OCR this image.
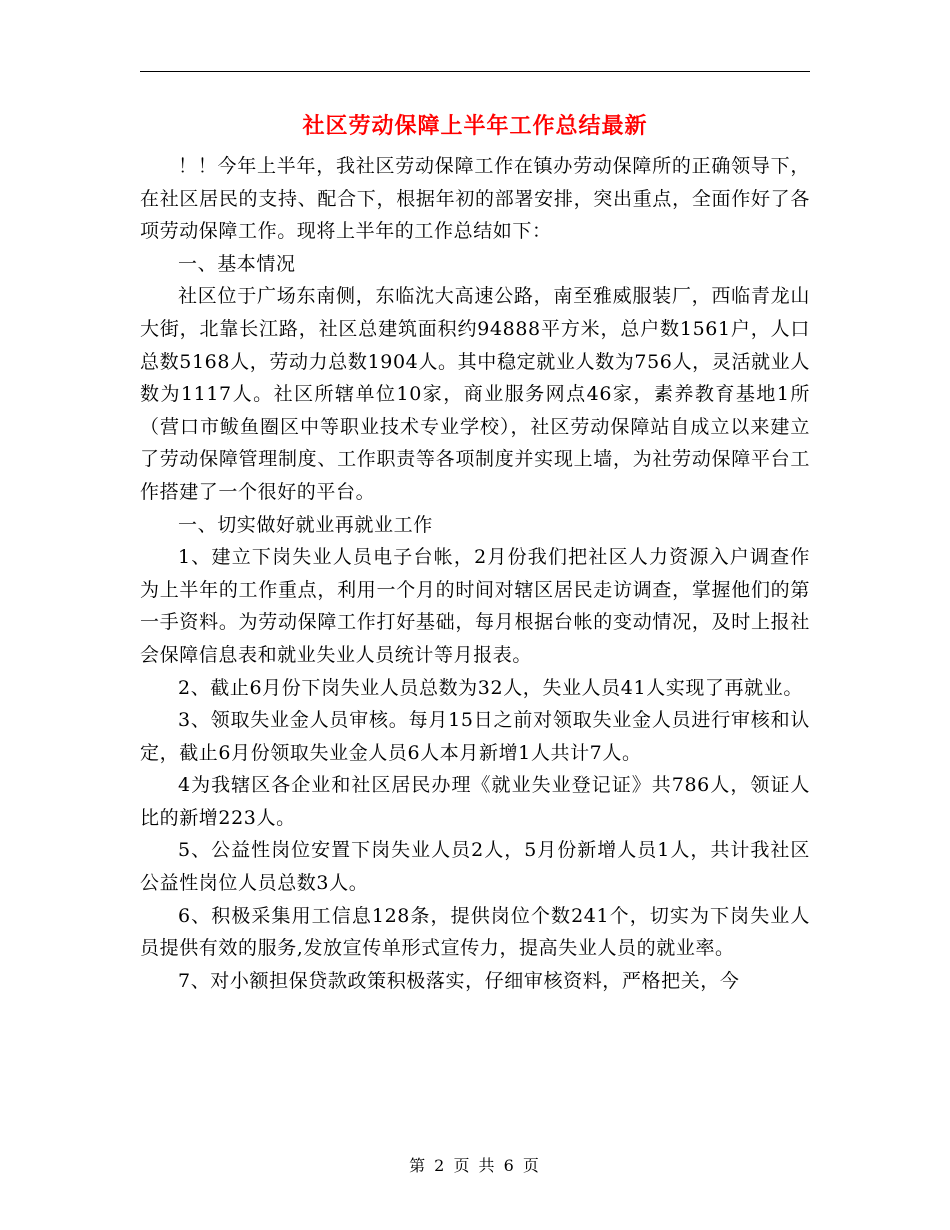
社区劳动保障上半年工作总结最新

！！今年上半年，我社区劳动保障工作在镇办劳动保障所的正确领导下，在社区居民的支持、配合下，根据年初的部署安排，突出重点，全面作好了各项劳动保障工作。现将上半年的工作总结如下：

一、基本情况

社区位于广场东南侧，东临沈大高速公路，南至雅威服装厂，西临青龙山大街，北靠长江路，社区总建筑面积约94888平方米，总户数1561户，人口总数5168人，劳动力总数1904人。其中稳定就业人数为756人，灵活就业人数为1117人。社区所辖单位10家，商业服务网点46家，素养教育基地1所（营口市鲅鱼圈区中等职业技术专业学校），社区劳动保障站自成立以来建立了劳动保障管理制度、工作职责等各项制度并实现上墙，为社劳动保障平台工作搭建了一个很好的平台。

一、切实做好就业再就业工作

1、建立下岗失业人员电子台帐，2月份我们把社区人力资源入户调查作为上半年的工作重点，利用一个月的时间对辖区居民走访调查，掌握他们的第一手资料。为劳动保障工作打好基础，每月根据台帐的变动情况，及时上报社会保障信息表和就业失业人员统计等月报表。

2、截止6月份下岗失业人员总数为32人，失业人员41人实现了再就业。

3、领取失业金人员审核。每月15日之前对领取失业金人员进行审核和认定，截止6月份领取失业金人员6人本月新增1人共计7人。

4为我辖区各企业和社区居民办理《就业失业登记证》共786人，领证人比的新增223人。

5、公益性岗位安置下岗失业人员2人，5月份新增人员1人，共计我社区公益性岗位人员总数3人。

6、积极采集用工信息128条，提供岗位个数241个，切实为下岗失业人员提供有效的服务,发放宣传单形式宣传力，提高失业人员的就业率。

7、对小额担保贷款政策积极落实，仔细审核资料，严格把关，今

第 2 页 共 6 页
